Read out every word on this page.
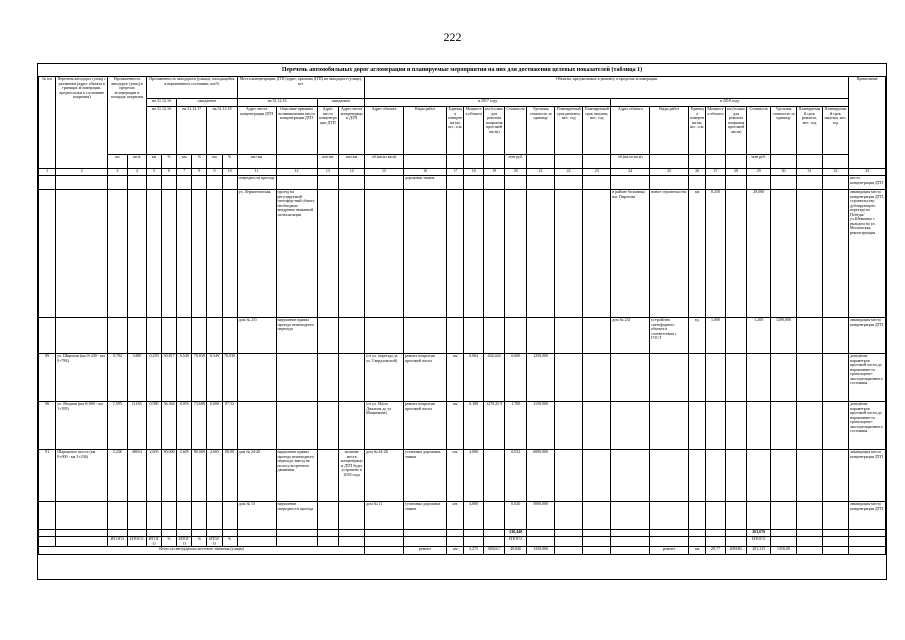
222
Перечень автомобильных дорог агломерации и планируемые мероприятия на них для достижения целевых показателей (таблица 1)
№ п/п	Перечень автодорог (улиц) с указанием (адрес объекта в границах агломерации, предпосылки к состоянию покрытия)	Протяженность автодорог (улиц) в пределах агломерации и площадь покрытия		Протяженность автодороги (улицы), находящейся в нормативном состоянии, км/%						Места концентрации ДТП (адрес, причина ДТП) на автодороге (улице), шт.				Объекты, предлагаемые к ремонту, в пределах агломерации																		Примечание
				на 31.12.16		ожидаемое				на 31.12.16		ожидаемое		в 2017 году									в 2018 году									
				на 31.12.16		на 31.12.17		на 31.12.18		Адрес места концентрации ДТП	Описание причины возникновения места концентрации ДТП	Адрес места концентрации ДТП	Адрес места концентрации ДТП	Адрес объекта	Виды работ	Единица измерения км, шт., п.м.	Мощность объекта	км (только для ремонта покрытия проезжей части)	Стоимость	Удельная стоимость за единицу	Планируемый срок ремонта, мес. год	Планируемый срок закупки, мес. год	Адрес объекта	Виды работ	Единица измерения км, шт., п.м.	Мощность объекта	км (только для ремонта покрытия проезжей части)	Стоимость	Удельная стоимость за единицу	Планируемый срок ремонта, мес. год	Планируемый срок закупки, мес. год	
		км	кв.м	км	%	км	%	км	%	км+км		км+км	км+км	об.(кв.м+кв.м)					млн руб.				об.(кв.м+кв.м)					млн руб.				
1	2	3	4	5	6	7	8	9	10	11	12	13	14	15	16	17	18	19	20	21	22	23	24	25	26	27	28	29	30	31	32	33
										очередности проезда					дорожные знаков																	места концентрации ДТП
										ул. Лермонтовская	проезд на регулируемый светофор-ный объект, необходимо внедрение вызывной сигнализации												в районе больницы им. Пирогова	новое строительство	км	0,250		29,000				ликвидация места концентрации ДТП, строительство дублирующего переезда по Победы/ул.Шевченко с выходом на ул. Московская, реконструкция
										дом № 231	нарушение правил проезда пешеходного перехода												дом № 231	устройство светофорного объекта в соответствии с ГОСТ	ед.	1,000		1,200	1200,000			ликвидация места концентрации ДТП
89	ул. Широкая (км 0+230 - км 0+784)	0,784	5488	0,239	30,817	0,549	70,030	0,549	70,030					(от ул. переезда до ул. Свердловской)	ремонт покрытия проезжей части	км	0,063	444,444	0,600	1250,000												доведение параметров проезжей части до нормативно-го транспортно-эксплуатационного состояния
90	ул. Ягодная (км 0+000 - км 1+595)	1,595	11165	0,580	36,364	0,955	73,698	0,000	87,52					(от ул. Мусы Джалиля до ул. Мицкевича)	ремонт покрытия проезжей части	км	0,180	1270,25 9	1,700	1150,000												доведение параметров проезжей части до нормативно-го транспортно-эксплуатационного состояния
91	Шарыкское шоссе (км 0+000 - км 3+236)	3,236	48054	2,605	80,000	2,605	80,000	2,605	80,00	дом № 24-26	нарушение правил проезда пешеходного перехода, выезд на полосу встречного движения		наличие места концентрации ДТП будет устранено в 2018 года	дом № 24-26	установка дорожных знаков	шт.	4,000		0,032	8000,000												ликвидация места концентрации ДТП
										дом № 13	нарушение очередности проезда			дом № 11	установка дорожных знаков	шт.	4,000		0,020	5000,000												ликвидация места концентрации ДТП
																			236,448									263,676				
		ИТОГО	ИТОГО	ИТОГО	%	ИТОГО	%	ИТОГО	%										ИТОГО									ИТОГО				
Итого по автодорогам местного значения (улицы)															ремонт	км	5,275	36924,7	49,840	1350,000				ремонт	км	29,77	208180,	281,315	1350,00			
